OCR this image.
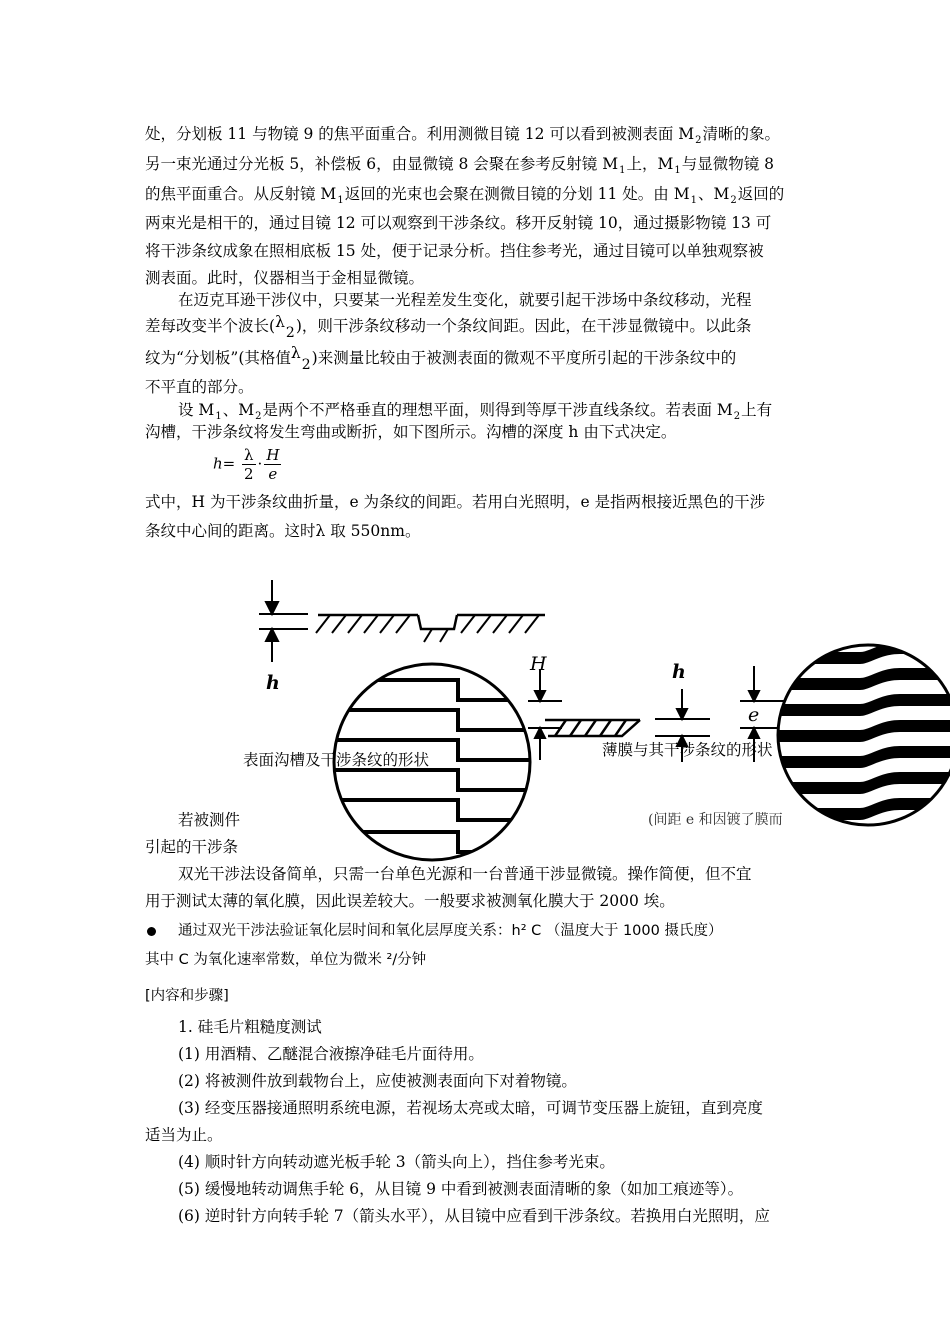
处，分划板 11 与物镜 9 的焦平面重合。利用测微目镜 12 可以看到被测表面 $M_2$清晰的象。
另一束光通过分光板 5，补偿板 6，由显微镜 8 会聚在参考反射镜 $M_1$上，$M_1$与显微物镜 8
的焦平面重合。从反射镜 $M_1$返回的光束也会聚在测微目镜的分划 11 处。由 $M_1$、$M_2$返回的
两束光是相干的，通过目镜 12 可以观察到干涉条纹。移开反射镜 10，通过摄影物镜 13 可
将干涉条纹成象在照相底板 15 处，便于记录分析。挡住参考光，通过目镜可以单独观察被
测表面。此时，仪器相当于金相显微镜。
在迈克耳逊干涉仪中，只要某一光程差发生变化，就要引起干涉场中条纹移动，光程
差每改变半个波长(λ2)，则干涉条纹移动一个条纹间距。因此，在干涉显微镜中。以此条
纹为“分划板”(其格值λ2)来测量比较由于被测表面的微观不平度所引起的干涉条纹中的
不平直的部分。
设 $M_1$、$M_2$是两个不严格垂直的理想平面，则得到等厚干涉直线条纹。若表面 $M_2$上有
沟槽，干涉条纹将发生弯曲或断折，如下图所示。沟槽的深度 h 由下式决定。
$h= \frac{\lambda}{2} \cdot \frac{H}{e}$
式中，H 为干涉条纹曲折量，e 为条纹的间距。若用白光照明，e 是指两根接近黑色的干涉
条纹中心间的距离。这时λ 取 550nm。
若被测件	(间距 e 和因镀了膜而
引起的干涉条
双光干涉法设备简单，只需一台单色光源和一台普通干涉显微镜。操作简便，但不宜
h
H	h
e
表面沟槽及干涉条纹的形状
薄膜与其干涉条纹的形状
用于测试太薄的氧化膜，因此误差较大。一般要求被测氧化膜大于 2000 埃。
通过双光干涉法验证氧化层时间和氧化层厚度关系：h² C （温度大于 1000 摄氏度）
其中 C 为氧化速率常数，单位为微米 ²/分钟
[内容和步骤]
1. 硅毛片粗糙度测试
(1) 用酒精、乙醚混合液擦净硅毛片面待用。
(2) 将被测件放到载物台上，应使被测表面向下对着物镜。
(3) 经变压器接通照明系统电源，若视场太亮或太暗，可调节变压器上旋钮，直到亮度
适当为止。
(4) 顺时针方向转动遮光板手轮 3（箭头向上），挡住参考光束。
(5) 缓慢地转动调焦手轮 6，从目镜 9 中看到被测表面清晰的象（如加工痕迹等）。
(6) 逆时针方向转手轮 7（箭头水平），从目镜中应看到干涉条纹。若换用白光照明，应
